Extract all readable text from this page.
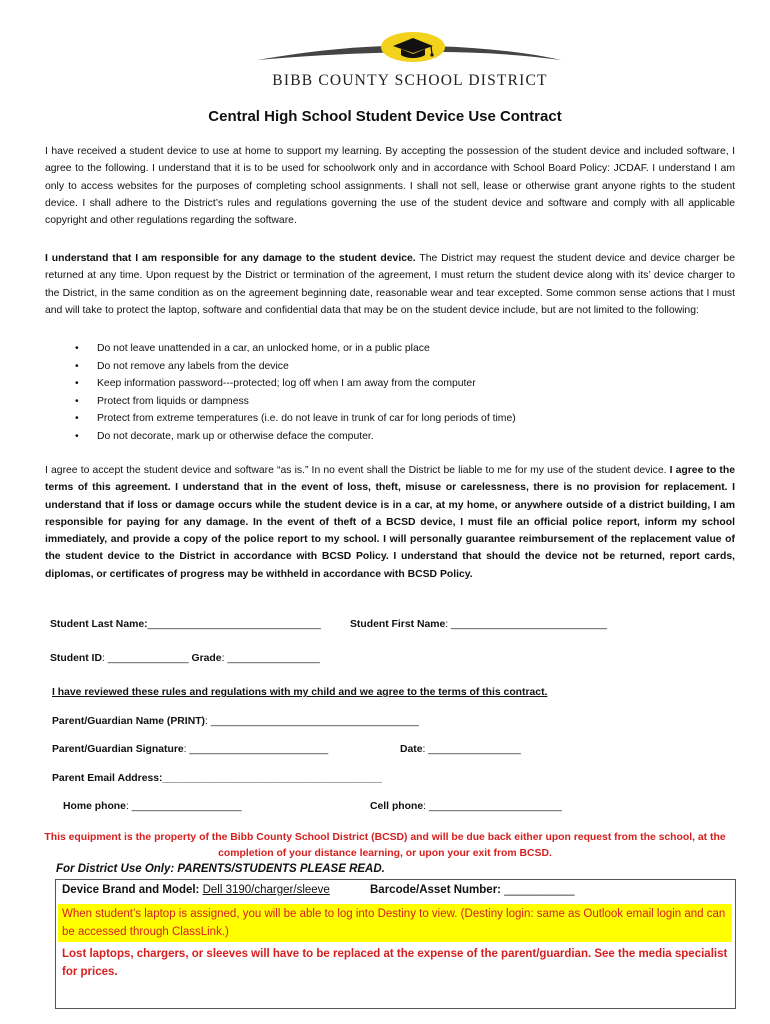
BIBB COUNTY SCHOOL DISTRICT
Central High School Student Device Use Contract
I have received a student device to use at home to support my learning. By accepting the possession of the student device and included software, I agree to the following. I understand that it is to be used for schoolwork only and in accordance with School Board Policy: JCDAF. I understand I am only to access websites for the purposes of completing school assignments. I shall not sell, lease or otherwise grant anyone rights to the student device. I shall adhere to the District’s rules and regulations governing the use of the student device and software and comply with all applicable copyright and other regulations regarding the software.
I understand that I am responsible for any damage to the student device. The District may request the student device and device charger be returned at any time. Upon request by the District or termination of the agreement, I must return the student device along with its’ device charger to the District, in the same condition as on the agreement beginning date, reasonable wear and tear excepted. Some common sense actions that I must and will take to protect the laptop, software and confidential data that may be on the student device include, but are not limited to the following:
• Do not leave unattended in a car, an unlocked home, or in a public place
• Do not remove any labels from the device
• Keep information password---protected; log off when I am away from the computer
• Protect from liquids or dampness
• Protect from extreme temperatures (i.e. do not leave in trunk of car for long periods of time)
• Do not decorate, mark up or otherwise deface the computer.
I agree to accept the student device and software “as is.” In no event shall the District be liable to me for my use of the student device. I agree to the terms of this agreement. I understand that in the event of loss, theft, misuse or carelessness, there is no provision for replacement. I understand that if loss or damage occurs while the student device is in a car, at my home, or anywhere outside of a district building, I am responsible for paying for any damage. In the event of theft of a BCSD device, I must file an official police report, inform my school immediately, and provide a copy of the police report to my school. I will personally guarantee reimbursement of the replacement value of the student device to the District in accordance with BCSD Policy. I understand that should the device not be returned, report cards, diplomas, or certificates of progress may be withheld in accordance with BCSD Policy.
Student Last Name:______________________________	Student First Name: ___________________________
Student ID: ______________ Grade: ________________
I have reviewed these rules and regulations with my child and we agree to the terms of this contract.
Parent/Guardian Name (PRINT): ____________________________________
Parent/Guardian Signature: ________________________	Date: ________________
Parent Email Address:______________________________________
Home phone: ___________________	Cell phone: _______________________
This equipment is the property of the Bibb County School District (BCSD) and will be due back either upon request from the school, at the completion of your distance learning, or upon your exit from BCSD.
For District Use Only: PARENTS/STUDENTS PLEASE READ.
Device Brand and Model: Dell 3190/charger/sleeve	Barcode/Asset Number: ___________
When student’s laptop is assigned, you will be able to log into Destiny to view. (Destiny login: same as Outlook email login and can be accessed through ClassLink.)
Lost laptops, chargers, or sleeves will have to be replaced at the expense of the parent/guardian. See the media specialist for prices.
